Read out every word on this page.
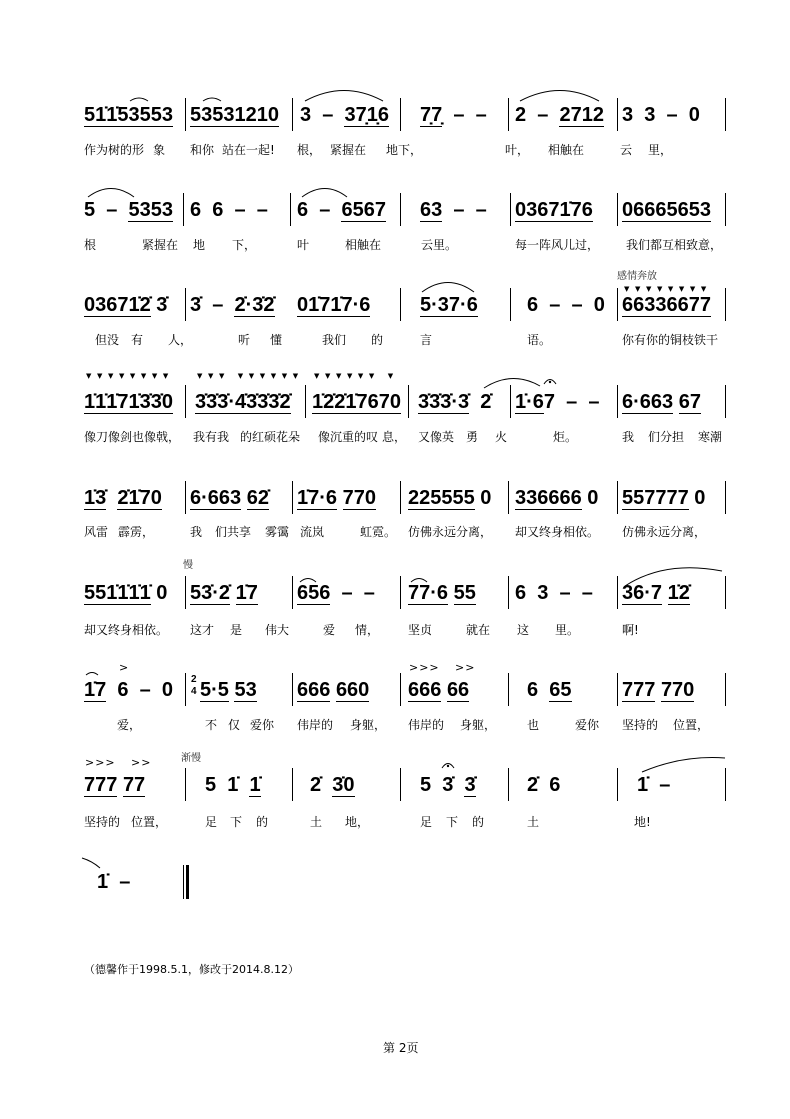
51̇1̇53553 53531210 3  –  37̣1̣6 7̣7̣  –  – 2  –  2712 3  3  –  0
作为树的形 象 和你 站在一起! 根， 紧握在 地下，	叶， 相触在	云 里，
5  –  5353 6  6  –  – 6  –  6567 63  –  – 03671̇76 06665653
根	紧握在 地 下，	叶	相触在	云里。	每一阵风儿过， 我们都互相致意，
03671̇2̇ 3̇ 3̇  –  2̇·3̇2̇ 01̇71̇7·6 5·37·6 6  –  –  0 66336677
但没 有 人，	听 懂	我们 的	言	语。	你有你的铜枝铁干
1̇1̇1̇71̇3̇3̇0 3̇3̇3̇·4̇3̇3̇3̇2̇ 1̇2̇2̇1̇7670 3̇3̇3̇·3̇  2̇ 1̇·67  –  – 6·663 67
像刀像剑也像戟， 我有我 的红硕花朵 像沉重的叹 息， 又像英 勇 火	炬。	我 们分担 寒潮
1̇3̇ 2̇1̇70 6·663 62̇ 1̇7·6 770 225555 0 336666 0 557777 0
风雷 霹雳，	我 们共享 雾霭 流岚	虹霓。 仿佛永远分离， 却又终身相依。 仿佛永远分离，
551̇1̇1̇1̇ 0 53̇·2̇ 1̇7 656  –  – 77·6 55 6  3  –  – 36·7 1̇2̇
却又终身相依。 这才 是 伟大	爱 情， 坚贞	就在 这 里。	啊!
1̇7  6  –  0 5·5 53 666 660 666 66	6  65	777 770
爱，	不 仅 爱你 伟岸的 身躯， 伟岸的 身躯，	也	爱你 坚持的 位置，
777 77	5  1̇  1̇ 2̇  3̇0	5  3̇  3̇	2̇  6	1̇  –
坚持的 位置，	足 下 的	土 地，	足 下 的	土	地!
1̇  –
感情奔放
慢
渐慢
▼▼▼▼▼▼▼▼
▼▼▼▼▼▼▼▼	▼▼▼ ▼▼▼▼▼▼ ▼▼▼▼▼▼ ▼
>	>>> >>
>>> >>
2
4
（德馨作于1998.5.1，修改于2014.8.12）
第 2页
